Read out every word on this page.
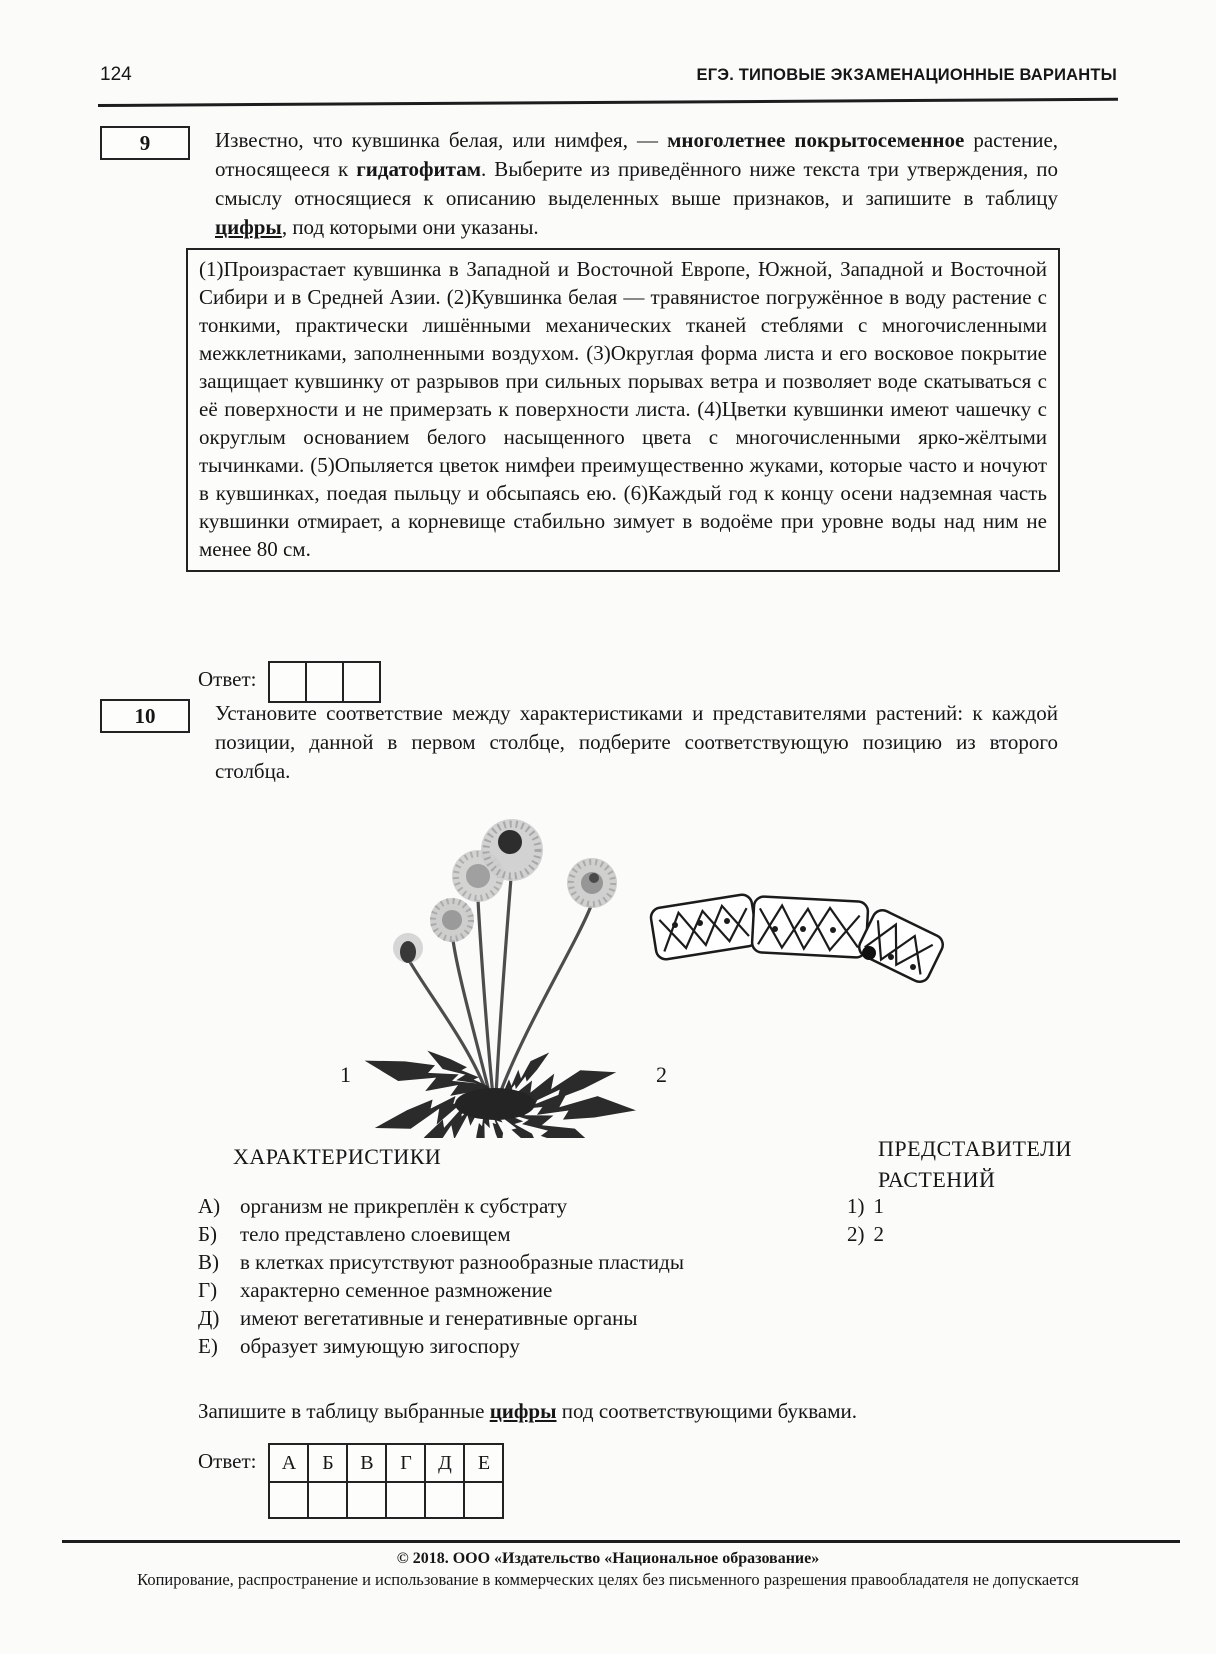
124	ЕГЭ. ТИПОВЫЕ ЭКЗАМЕНАЦИОННЫЕ ВАРИАНТЫ
9	Известно, что кувшинка белая, или нимфея, — многолетнее покрытосеменное растение, относящееся к гидатофитам. Выберите из приведённого ниже текста три утверждения, по смыслу относящиеся к описанию выделенных выше признаков, и запишите в таблицу цифры, под которыми они указаны.
(1)Произрастает кувшинка в Западной и Восточной Европе, Южной, Западной и Восточной Сибири и в Средней Азии. (2)Кувшинка белая — травянистое погружённое в воду растение с тонкими, практически лишёнными механических тканей стеблями с многочисленными межклетниками, заполненными воздухом. (3)Округлая форма листа и его восковое покрытие защищает кувшинку от разрывов при сильных порывах ветра и позволяет воде скатываться с её поверхности и не примерзать к поверхности листа. (4)Цветки кувшинки имеют чашечку с округлым основанием белого насыщенного цвета с многочисленными ярко-жёлтыми тычинками. (5)Опыляется цветок нимфеи преимущественно жуками, которые часто и ночуют в кувшинках, поедая пыльцу и обсыпаясь ею. (6)Каждый год к концу осени надземная часть кувшинки отмирает, а корневище стабильно зимует в водоёме при уровне воды над ним не менее 80 см.
Ответ:
10	Установите соответствие между характеристиками и представителями растений: к каждой позиции, данной в первом столбце, подберите соответствующую позицию из второго столбца.
1	2
ХАРАКТЕРИСТИКИ	ПРЕДСТАВИТЕЛИ
РАСТЕНИЙ
А) организм не прикреплён к субстрату
Б)	тело представлено слоевищем
В)	в клетках присутствуют разнообразные пластиды
Г)	характерно семенное размножение
Д) имеют вегетативные и генеративные органы
Е)	образует зимующую зигоспору
1) 1
2) 2
Запишите в таблицу выбранные цифры под соответствующими буквами.
Ответ: А	Б	В	Г	Д	Е

© 2018. ООО «Издательство «Национальное образование»
Копирование, распространение и использование в коммерческих целях без письменного разрешения правообладателя не допускается
